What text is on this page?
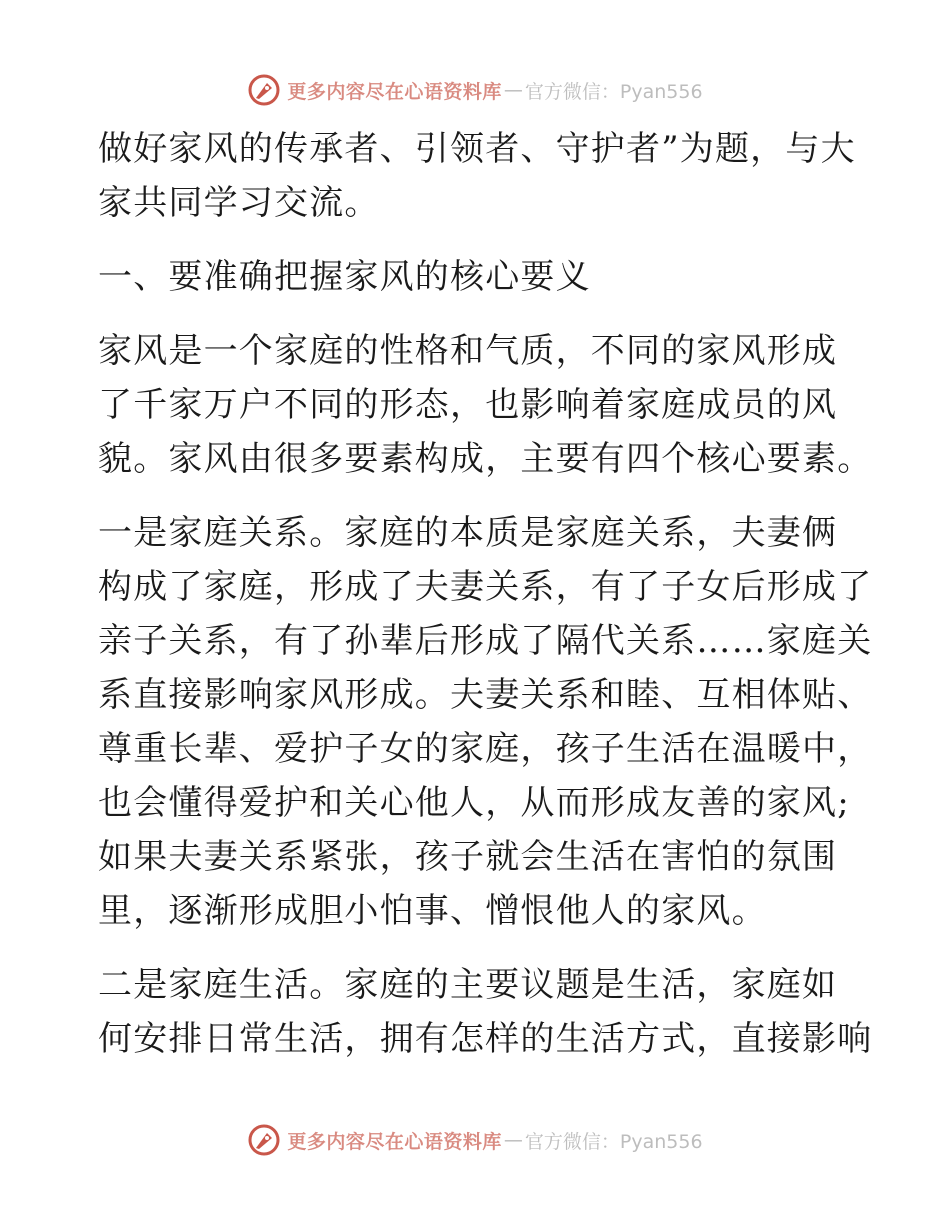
更多内容尽在心语资料库 — 官方微信：Pyan556

做好家风的传承者、引领者、守护者”为题，与大
家共同学习交流。

一、要准确把握家风的核心要义

家风是一个家庭的性格和气质，不同的家风形成
了千家万户不同的形态，也影响着家庭成员的风
貌。家风由很多要素构成，主要有四个核心要素。

一是家庭关系。家庭的本质是家庭关系，夫妻俩
构成了家庭，形成了夫妻关系，有了子女后形成了
亲子关系，有了孙辈后形成了隔代关系……家庭关
系直接影响家风形成。夫妻关系和睦、互相体贴、
尊重长辈、爱护子女的家庭，孩子生活在温暖中，
也会懂得爱护和关心他人，从而形成友善的家风;
如果夫妻关系紧张，孩子就会生活在害怕的氛围
里，逐渐形成胆小怕事、憎恨他人的家风。

二是家庭生活。家庭的主要议题是生活，家庭如
何安排日常生活，拥有怎样的生活方式，直接影响

更多内容尽在心语资料库 — 官方微信：Pyan556
